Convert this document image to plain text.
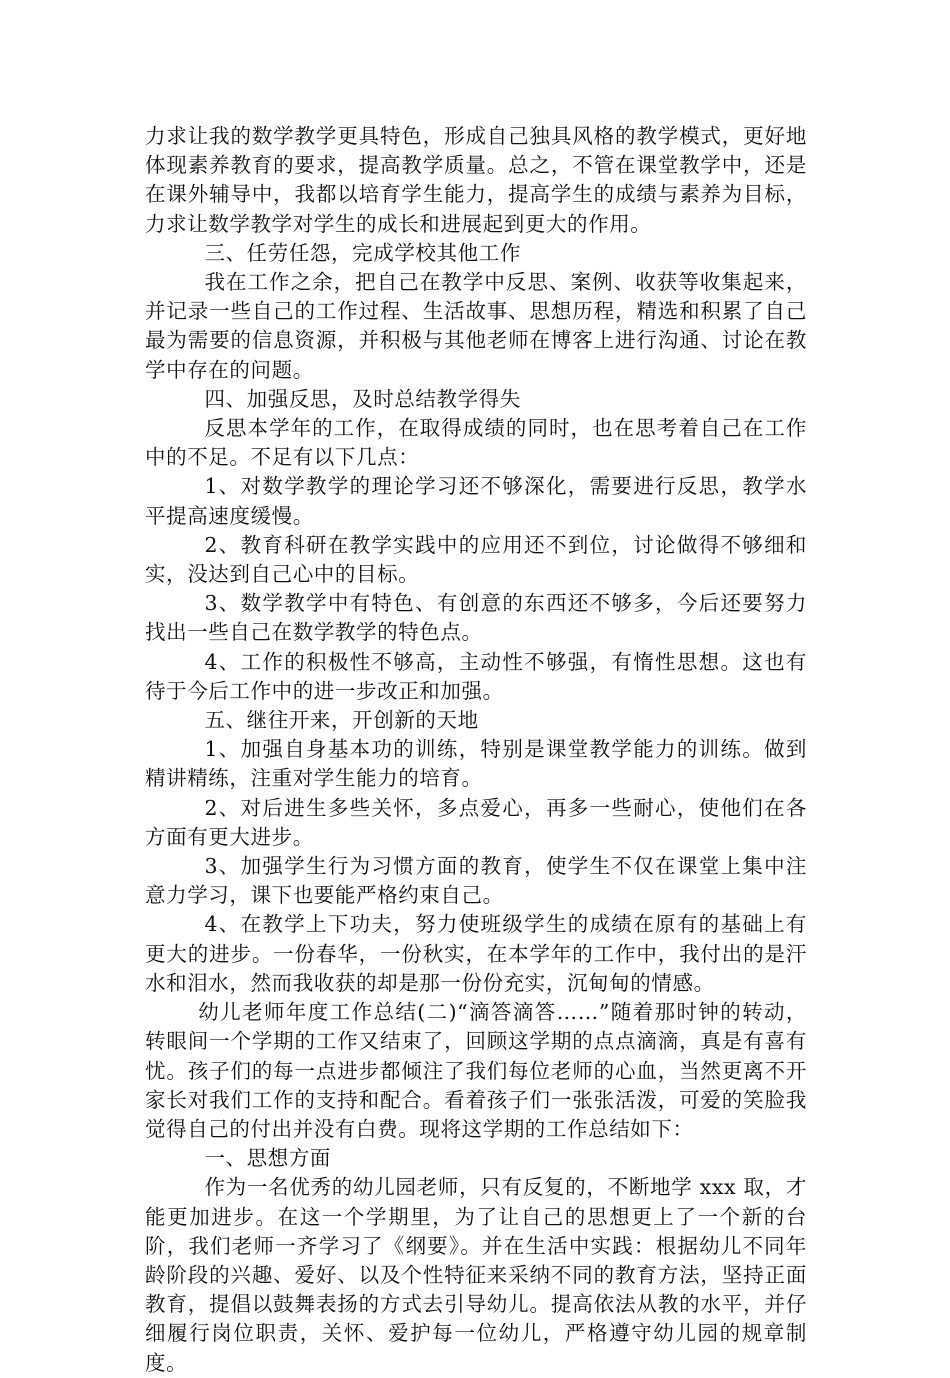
力求让我的数学教学更具特色，形成自己独具风格的教学模式，更好地体现素养教育的要求，提高教学质量。总之，不管在课堂教学中，还是在课外辅导中，我都以培育学生能力，提高学生的成绩与素养为目标，力求让数学教学对学生的成长和进展起到更大的作用。

三、任劳任怨，完成学校其他工作

我在工作之余，把自己在教学中反思、案例、收获等收集起来，并记录一些自己的工作过程、生活故事、思想历程，精选和积累了自己最为需要的信息资源，并积极与其他老师在博客上进行沟通、讨论在教学中存在的问题。

四、加强反思，及时总结教学得失

反思本学年的工作，在取得成绩的同时，也在思考着自己在工作中的不足。不足有以下几点：

1、对数学教学的理论学习还不够深化，需要进行反思，教学水平提高速度缓慢。

2、教育科研在教学实践中的应用还不到位，讨论做得不够细和实，没达到自己心中的目标。

3、数学教学中有特色、有创意的东西还不够多，今后还要努力找出一些自己在数学教学的特色点。

4、工作的积极性不够高，主动性不够强，有惰性思想。这也有待于今后工作中的进一步改正和加强。

五、继往开来，开创新的天地

1、加强自身基本功的训练，特别是课堂教学能力的训练。做到精讲精练，注重对学生能力的培育。

2、对后进生多些关怀，多点爱心，再多一些耐心，使他们在各方面有更大进步。

3、加强学生行为习惯方面的教育，使学生不仅在课堂上集中注意力学习，课下也要能严格约束自己。

4、在教学上下功夫，努力使班级学生的成绩在原有的基础上有更大的进步。一份春华，一份秋实，在本学年的工作中，我付出的是汗水和泪水，然而我收获的却是那一份份充实，沉甸甸的情感。

幼儿老师年度工作总结(二)“滴答滴答……”随着那时钟的转动，转眼间一个学期的工作又结束了，回顾这学期的点点滴滴，真是有喜有忧。孩子们的每一点进步都倾注了我们每位老师的心血，当然更离不开家长对我们工作的支持和配合。看着孩子们一张张活泼，可爱的笑脸我觉得自己的付出并没有白费。现将这学期的工作总结如下：

一、思想方面

作为一名优秀的幼儿园老师，只有反复的，不断地学 xxx 取，才能更加进步。在这一个学期里，为了让自己的思想更上了一个新的台阶，我们老师一齐学习了《纲要》。并在生活中实践：根据幼儿不同年龄阶段的兴趣、爱好、以及个性特征来采纳不同的教育方法，坚持正面教育，提倡以鼓舞表扬的方式去引导幼儿。提高依法从教的水平，并仔细履行岗位职责，关怀、爱护每一位幼儿，严格遵守幼儿园的规章制度。
